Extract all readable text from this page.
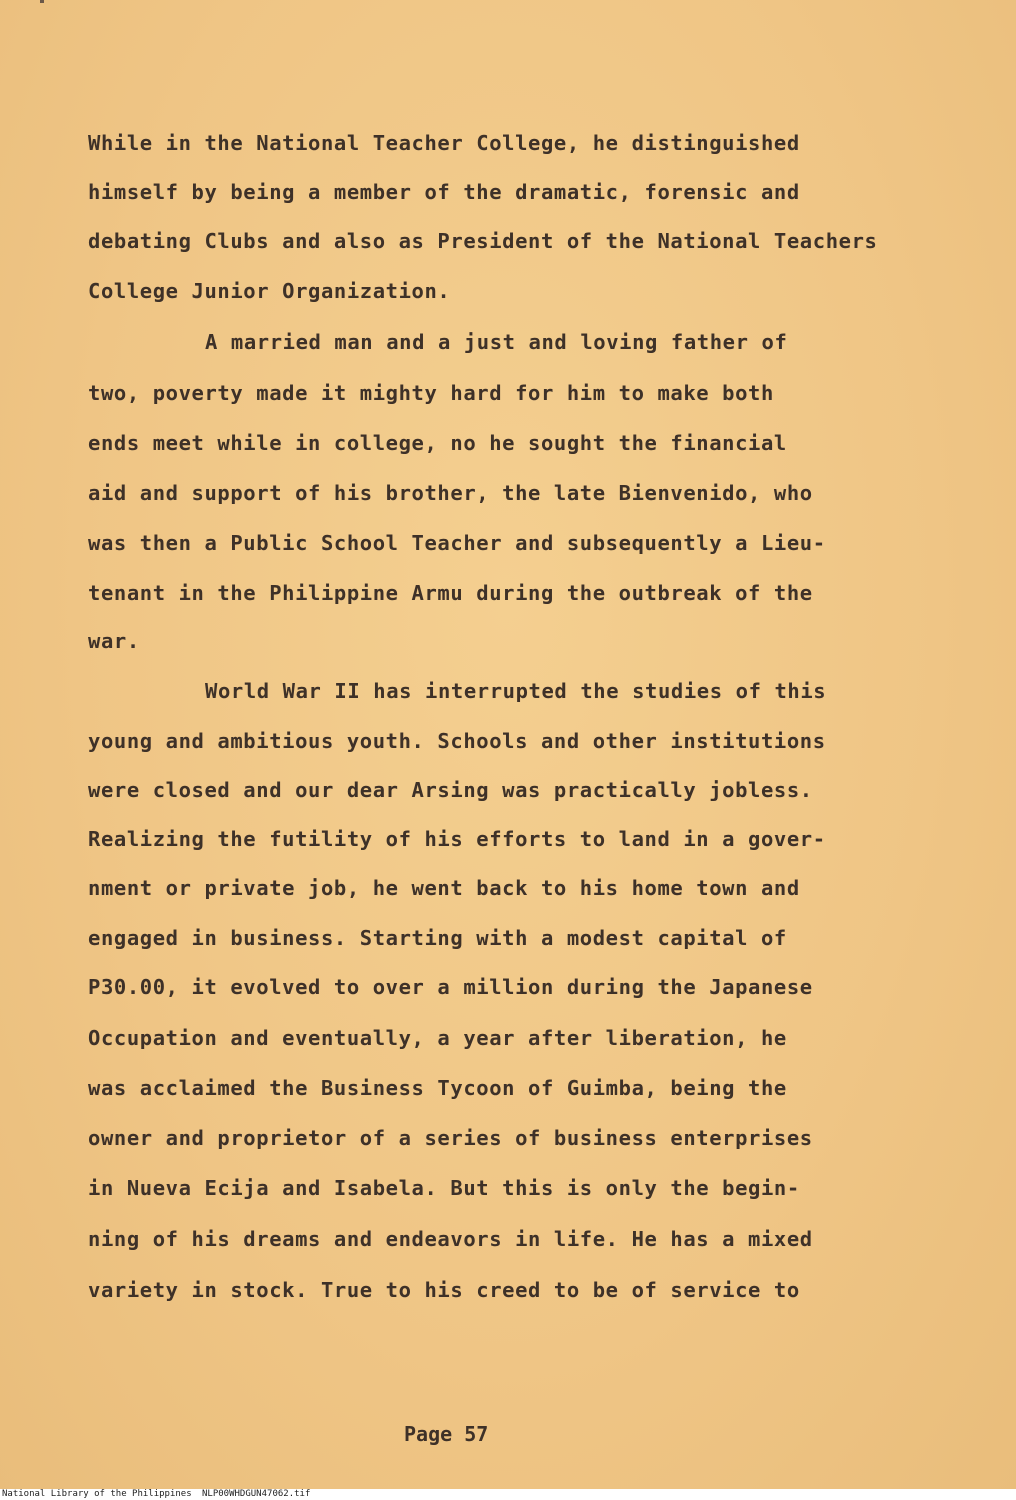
While in the National Teacher College, he distinguished
himself by being a member of the dramatic, forensic and
debating Clubs and also as President of the National Teachers
College Junior Organization.
A married man and a just and loving father of
two, poverty made it mighty hard for him to make both
ends meet while in college, no he sought the financial
aid and support of his brother, the late Bienvenido, who
was then a Public School Teacher and subsequently a Lieu-
tenant in the Philippine Armu during the outbreak of the
war.
World War II has interrupted the studies of this
young and ambitious youth. Schools and other institutions
were closed and our dear Arsing was practically jobless.
Realizing the futility of his efforts to land in a gover-
nment or private job, he went back to his home town and
engaged in business. Starting with a modest capital of
P30.00, it evolved to over a million during the Japanese
Occupation and eventually, a year after liberation, he
was acclaimed the Business Tycoon of Guimba, being the
owner and proprietor of a series of business enterprises
in Nueva Ecija and Isabela. But this is only the begin-
ning of his dreams and endeavors in life. He has a mixed
variety in stock. True to his creed to be of service to
Page 57
National Library of the Philippines NLP00WHDGUN47062.tif
